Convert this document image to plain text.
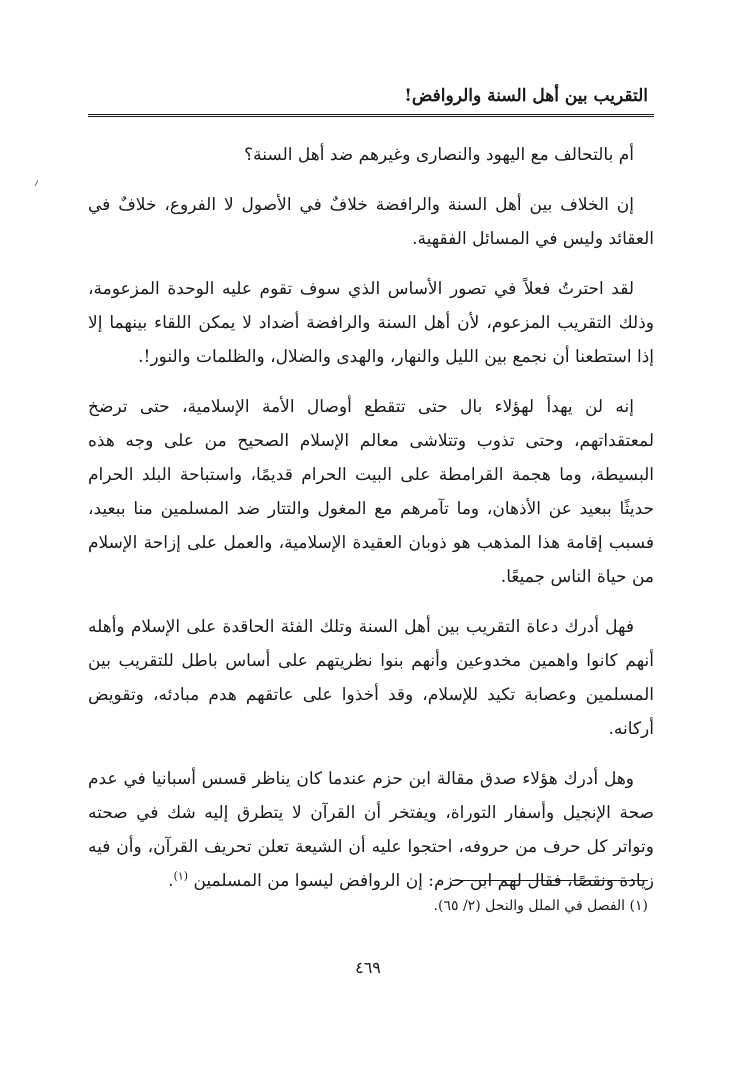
التقريب بين أهل السنة والروافض!

أم بالتحالف مع اليهود والنصارى وغيرهم ضد أهل السنة؟

إن الخلاف بين أهل السنة والرافضة خلافٌ في الأصول لا الفروع، خلافٌ في العقائد وليس في المسائل الفقهية.

لقد احترتُ فعلاً في تصور الأساس الذي سوف تقوم عليه الوحدة المزعومة، وذلك التقريب المزعوم، لأن أهل السنة والرافضة أضداد لا يمكن اللقاء بينهما إلا إذا استطعنا أن نجمع بين الليل والنهار، والهدى والضلال، والظلمات والنور!.

إنه لن يهدأ لهؤلاء بال حتى تتقطع أوصال الأمة الإسلامية، حتى ترضخ لمعتقداتهم، وحتى تذوب وتتلاشى معالم الإسلام الصحيح من على وجه هذه البسيطة، وما هجمة القرامطة على البيت الحرام قديمًا، واستباحة البلد الحرام حديثًا ببعيد عن الأذهان، وما تآمرهم مع المغول والتتار ضد المسلمين منا ببعيد، فسبب إقامة هذا المذهب هو ذوبان العقيدة الإسلامية، والعمل على إزاحة الإسلام من حياة الناس جميعًا.

فهل أدرك دعاة التقريب بين أهل السنة وتلك الفئة الحاقدة على الإسلام وأهله أنهم كانوا واهمين مخدوعين وأنهم بنوا نظريتهم على أساس باطل للتقريب بين المسلمين وعصابة تكيد للإسلام، وقد أخذوا على عاتقهم هدم مبادئه، وتقويض أركانه.

وهل أدرك هؤلاء صدق مقالة ابن حزم عندما كان يناظر قسس أسبانيا في عدم صحة الإنجيل وأسفار التوراة، ويفتخر أن القرآن لا يتطرق إليه شك في صحته وتواتر كل حرف من حروفه، احتجوا عليه أن الشيعة تعلن تحريف القرآن، وأن فيه زيادة ونقصًا، فقال لهم ابن حزم: إن الروافض ليسوا من المسلمين $^{(١)}$.

(١) الفصل في الملل والنحل (٢/ ٦٥).
٤٦٩
